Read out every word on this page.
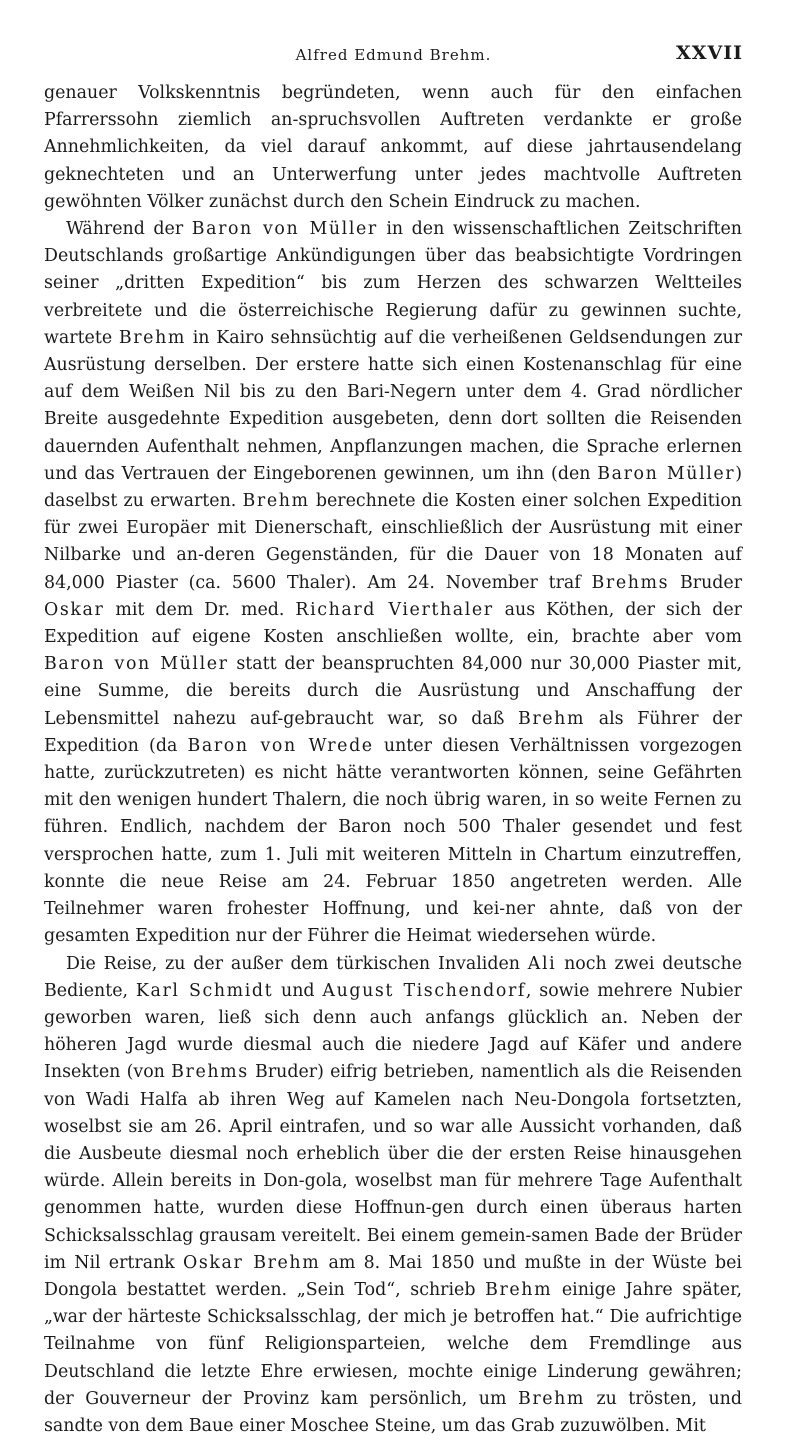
Alfred Edmund Brehm.	XXVII

genauer Volkskenntnis begründeten, wenn auch für den einfachen Pfarrerssohn ziemlich an-spruchsvollen Auftreten verdankte er große Annehmlichkeiten, da viel darauf ankommt, auf diese jahrtausendelang geknechteten und an Unterwerfung unter jedes machtvolle Auftreten gewöhnten Völker zunächst durch den Schein Eindruck zu machen.

Während der Baron von Müller in den wissenschaftlichen Zeitschriften Deutschlands großartige Ankündigungen über das beabsichtigte Vordringen seiner „dritten Expedition“ bis zum Herzen des schwarzen Weltteiles verbreitete und die österreichische Regierung dafür zu gewinnen suchte, wartete Brehm in Kairo sehnsüchtig auf die verheißenen Geldsendungen zur Ausrüstung derselben. Der erstere hatte sich einen Kostenanschlag für eine auf dem Weißen Nil bis zu den Bari-Negern unter dem 4. Grad nördlicher Breite ausgedehnte Expedition ausgebeten, denn dort sollten die Reisenden dauernden Aufenthalt nehmen, Anpflanzungen machen, die Sprache erlernen und das Vertrauen der Eingeborenen gewinnen, um ihn (den Baron Müller) daselbst zu erwarten. Brehm berechnete die Kosten einer solchen Expedition für zwei Europäer mit Dienerschaft, einschließlich der Ausrüstung mit einer Nilbarke und an-deren Gegenständen, für die Dauer von 18 Monaten auf 84,000 Piaster (ca. 5600 Thaler). Am 24. November traf Brehms Bruder Oskar mit dem Dr. med. Richard Vierthaler aus Köthen, der sich der Expedition auf eigene Kosten anschließen wollte, ein, brachte aber vom Baron von Müller statt der beanspruchten 84,000 nur 30,000 Piaster mit, eine Summe, die bereits durch die Ausrüstung und Anschaffung der Lebensmittel nahezu auf-gebraucht war, so daß Brehm als Führer der Expedition (da Baron von Wrede unter diesen Verhältnissen vorgezogen hatte, zurückzutreten) es nicht hätte verantworten können, seine Gefährten mit den wenigen hundert Thalern, die noch übrig waren, in so weite Fernen zu führen. Endlich, nachdem der Baron noch 500 Thaler gesendet und fest versprochen hatte, zum 1. Juli mit weiteren Mitteln in Chartum einzutreffen, konnte die neue Reise am 24. Februar 1850 angetreten werden. Alle Teilnehmer waren frohester Hoffnung, und kei-ner ahnte, daß von der gesamten Expedition nur der Führer die Heimat wiedersehen würde.

Die Reise, zu der außer dem türkischen Invaliden Ali noch zwei deutsche Bediente, Karl Schmidt und August Tischendorf, sowie mehrere Nubier geworben waren, ließ sich denn auch anfangs glücklich an. Neben der höheren Jagd wurde diesmal auch die niedere Jagd auf Käfer und andere Insekten (von Brehms Bruder) eifrig betrieben, namentlich als die Reisenden von Wadi Halfa ab ihren Weg auf Kamelen nach Neu-Dongola fortsetzten, woselbst sie am 26. April eintrafen, und so war alle Aussicht vorhanden, daß die Ausbeute diesmal noch erheblich über die der ersten Reise hinausgehen würde. Allein bereits in Don-gola, woselbst man für mehrere Tage Aufenthalt genommen hatte, wurden diese Hoffnun-gen durch einen überaus harten Schicksalsschlag grausam vereitelt. Bei einem gemein-samen Bade der Brüder im Nil ertrank Oskar Brehm am 8. Mai 1850 und mußte in der Wüste bei Dongola bestattet werden. „Sein Tod“, schrieb Brehm einige Jahre später, „war der härteste Schicksalsschlag, der mich je betroffen hat.“ Die aufrichtige Teilnahme von fünf Religionsparteien, welche dem Fremdlinge aus Deutschland die letzte Ehre erwiesen, mochte einige Linderung gewähren; der Gouverneur der Provinz kam persönlich, um Brehm zu trösten, und sandte von dem Baue einer Moschee Steine, um das Grab zuzuwölben. Mit
